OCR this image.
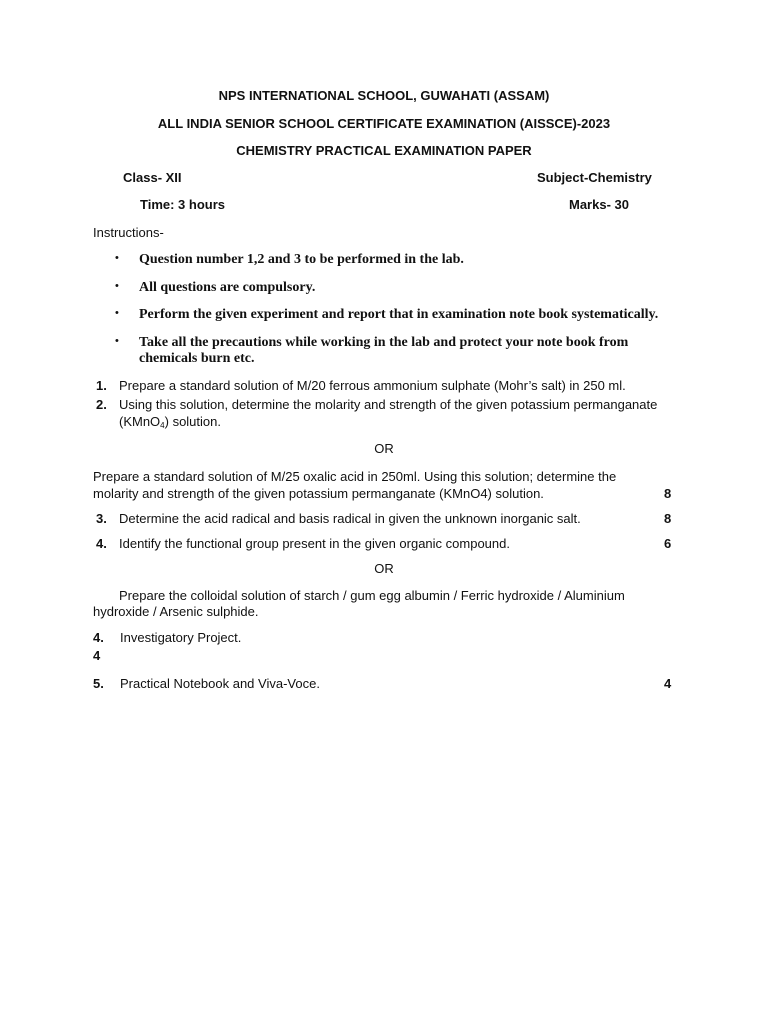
NPS INTERNATIONAL SCHOOL, GUWAHATI (ASSAM)
ALL INDIA SENIOR SCHOOL CERTIFICATE EXAMINATION (AISSCE)-2023
CHEMISTRY PRACTICAL EXAMINATION PAPER
Class- XII	Subject-Chemistry
Time: 3 hours	Marks- 30
Instructions-
• Question number 1,2 and 3 to be performed in the lab.
• All questions are compulsory.
• Perform the given experiment and report that in examination note book systematically.
• Take all the precautions while working in the lab and protect your note book from
chemicals burn etc.
1. Prepare a standard solution of M/20 ferrous ammonium sulphate (Mohr’s salt) in 250 ml.
2. Using this solution, determine the molarity and strength of the given potassium permanganate
(KMnO$_4$) solution.
OR
Prepare a standard solution of M/25 oxalic acid in 250ml. Using this solution; determine the
molarity and strength of the given potassium permanganate (KMnO4) solution.	8
3. Determine the acid radical and basis radical in given the unknown inorganic salt.	8
4. Identify the functional group present in the given organic compound.	6
OR
Prepare the colloidal solution of starch / gum egg albumin / Ferric hydroxide / Aluminium
hydroxide / Arsenic sulphide.
4. Investigatory Project.
4
5. Practical Notebook and Viva-Voce.	4
